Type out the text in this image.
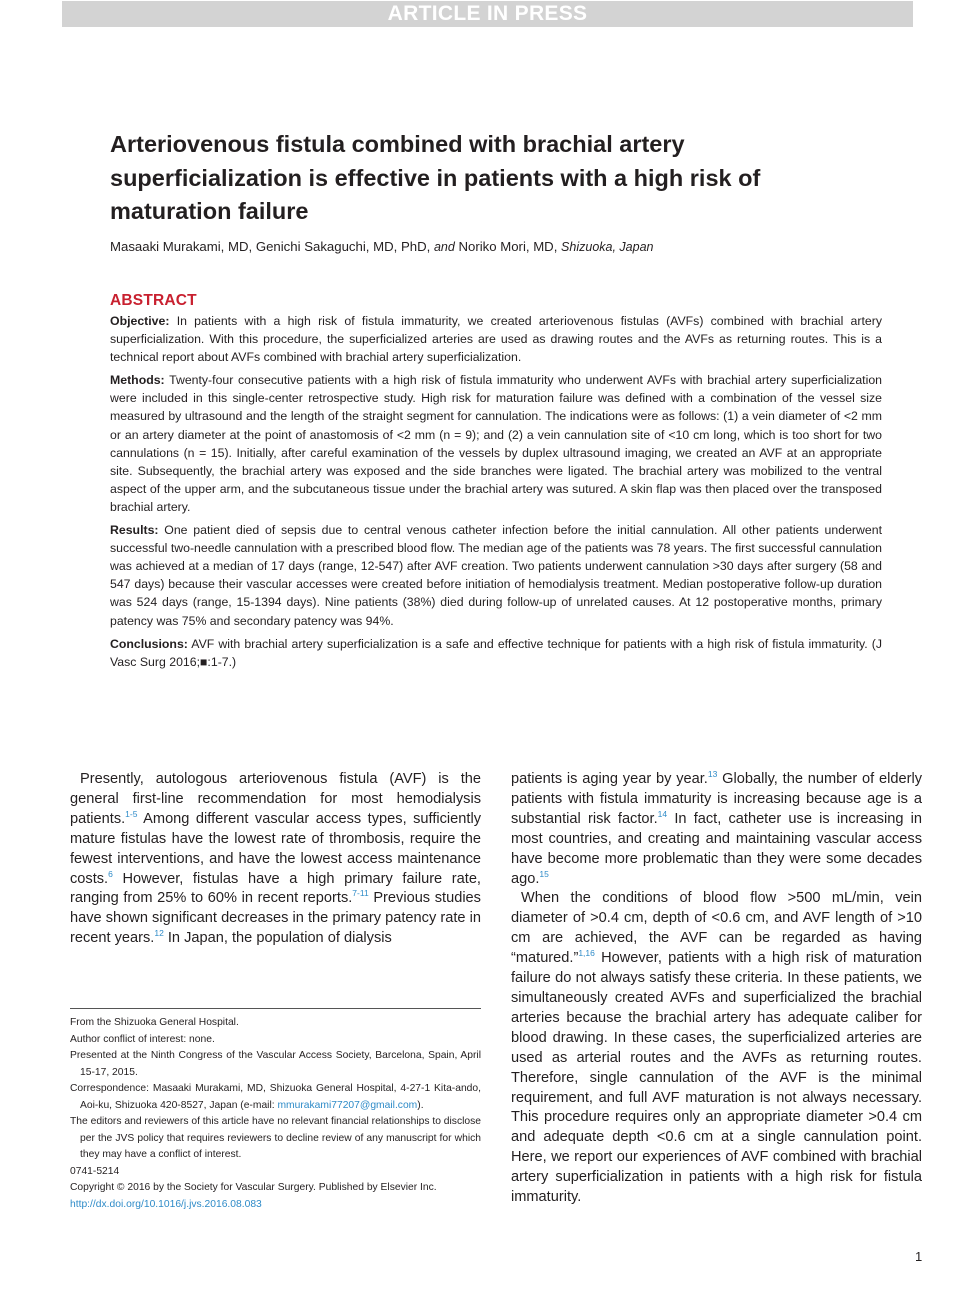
ARTICLE IN PRESS
Arteriovenous fistula combined with brachial artery superficialization is effective in patients with a high risk of maturation failure
Masaaki Murakami, MD, Genichi Sakaguchi, MD, PhD, and Noriko Mori, MD, Shizuoka, Japan
ABSTRACT

Objective: In patients with a high risk of fistula immaturity, we created arteriovenous fistulas (AVFs) combined with brachial artery superficialization. With this procedure, the superficialized arteries are used as drawing routes and the AVFs as returning routes. This is a technical report about AVFs combined with brachial artery superficialization.

Methods: Twenty-four consecutive patients with a high risk of fistula immaturity who underwent AVFs with brachial artery superficialization were included in this single-center retrospective study. High risk for maturation failure was defined with a combination of the vessel size measured by ultrasound and the length of the straight segment for cannulation. The indications were as follows: (1) a vein diameter of <2 mm or an artery diameter at the point of anastomosis of <2 mm (n = 9); and (2) a vein cannulation site of <10 cm long, which is too short for two cannulations (n = 15). Initially, after careful examination of the vessels by duplex ultrasound imaging, we created an AVF at an appropriate site. Subsequently, the brachial artery was exposed and the side branches were ligated. The brachial artery was mobilized to the ventral aspect of the upper arm, and the subcutaneous tissue under the brachial artery was sutured. A skin flap was then placed over the transposed brachial artery.

Results: One patient died of sepsis due to central venous catheter infection before the initial cannulation. All other patients underwent successful two-needle cannulation with a prescribed blood flow. The median age of the patients was 78 years. The first successful cannulation was achieved at a median of 17 days (range, 12-547) after AVF creation. Two patients underwent cannulation >30 days after surgery (58 and 547 days) because their vascular accesses were created before initiation of hemodialysis treatment. Median postoperative follow-up duration was 524 days (range, 15-1394 days). Nine patients (38%) died during follow-up of unrelated causes. At 12 postoperative months, primary patency was 75% and secondary patency was 94%.

Conclusions: AVF with brachial artery superficialization is a safe and effective technique for patients with a high risk of fistula immaturity. (J Vasc Surg 2016;■:1-7.)

Presently, autologous arteriovenous fistula (AVF) is the general first-line recommendation for most hemodialysis patients.$^{1-5}$ Among different vascular access types, sufficiently mature fistulas have the lowest rate of thrombosis, require the fewest interventions, and have the lowest access maintenance costs.$^6$ However, fistulas have a high primary failure rate, ranging from 25% to 60% in recent reports.$^{7-11}$ Previous studies have shown significant decreases in the primary patency rate in recent years.$^{12}$ In Japan, the population of dialysis

patients is aging year by year.$^{13}$ Globally, the number of elderly patients with fistula immaturity is increasing because age is a substantial risk factor.$^{14}$ In fact, catheter use is increasing in most countries, and creating and maintaining vascular access have become more problematic than they were some decades ago.$^{15}$

When the conditions of blood flow >500 mL/min, vein diameter of >0.4 cm, depth of <0.6 cm, and AVF length of >10 cm are achieved, the AVF can be regarded as having “matured.”$^{1,16}$ However, patients with a high risk of maturation failure do not always satisfy these criteria. In these patients, we simultaneously created AVFs and superficialized the brachial arteries because the brachial artery has adequate caliber for blood drawing. In these cases, the superficialized arteries are used as arterial routes and the AVFs as returning routes. Therefore, single cannulation of the AVF is the minimal requirement, and full AVF maturation is not always necessary. This procedure requires only an appropriate diameter >0.4 cm and adequate depth <0.6 cm at a single cannulation point. Here, we report our experiences of AVF combined with brachial artery superficialization in patients with a high risk for fistula immaturity.

From the Shizuoka General Hospital.

Author conflict of interest: none.

Presented at the Ninth Congress of the Vascular Access Society, Barcelona, Spain, April 15-17, 2015.

Correspondence: Masaaki Murakami, MD, Shizuoka General Hospital, 4-27-1 Kita-ando, Aoi-ku, Shizuoka 420-8527, Japan (e-mail: mmurakami77207@gmail.com).

The editors and reviewers of this article have no relevant financial relationships to disclose per the JVS policy that requires reviewers to decline review of any manuscript for which they may have a conflict of interest.

0741-5214

Copyright © 2016 by the Society for Vascular Surgery. Published by Elsevier Inc.

http://dx.doi.org/10.1016/j.jvs.2016.08.083

1
